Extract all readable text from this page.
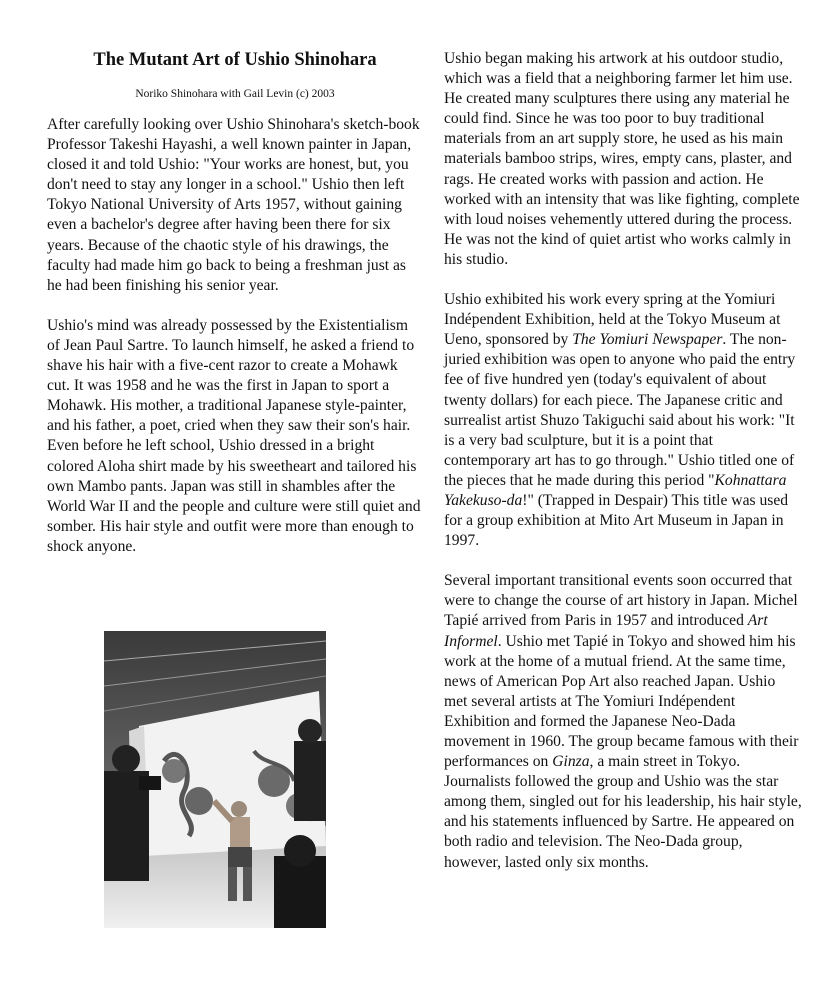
The Mutant Art of Ushio Shinohara
Noriko Shinohara with Gail Levin (c) 2003

After carefully looking over Ushio Shinohara's sketch-book Professor Takeshi Hayashi, a well known painter in Japan, closed it and told Ushio: "Your works are honest, but, you don't need to stay any longer in a school." Ushio then left Tokyo National University of Arts 1957, without gaining even a bachelor's degree after having been there for six years. Because of the chaotic style of his drawings, the faculty had made him go back to being a freshman just as he had been finishing his senior year.

Ushio's mind was already possessed by the Existentialism of Jean Paul Sartre. To launch himself, he asked a friend to shave his hair with a five-cent razor to create a Mohawk cut. It was 1958 and he was the first in Japan to sport a Mohawk. His mother, a traditional Japanese style-painter, and his father, a poet, cried when they saw their son's hair. Even before he left school, Ushio dressed in a bright colored Aloha shirt made by his sweetheart and tailored his own Mambo pants. Japan was still in shambles after the World War II and the people and culture were still quiet and somber. His hair style and outfit were more than enough to shock anyone.

Ushio began making his artwork at his outdoor studio, which was a field that a neighboring farmer let him use. He created many sculptures there using any material he could find. Since he was too poor to buy traditional materials from an art supply store, he used as his main materials bamboo strips, wires, empty cans, plaster, and rags. He created works with passion and action. He worked with an intensity that was like fighting, complete with loud noises vehemently uttered during the process. He was not the kind of quiet artist who works calmly in his studio.

Ushio exhibited his work every spring at the Yomiuri Indépendent Exhibition, held at the Tokyo Museum at Ueno, sponsored by The Yomiuri Newspaper. The non-juried exhibition was open to anyone who paid the entry fee of five hundred yen (today's equivalent of about twenty dollars) for each piece. The Japanese critic and surrealist artist Shuzo Takiguchi said about his work: "It is a very bad sculpture, but it is a point that contemporary art has to go through." Ushio titled one of the pieces that he made during this period "Kohnattara Yakekuso-da!" (Trapped in Despair) This title was used for a group exhibition at Mito Art Museum in Japan in 1997.

Several important transitional events soon occurred that were to change the course of art history in Japan. Michel Tapié arrived from Paris in 1957 and introduced Art Informel. Ushio met Tapié in Tokyo and showed him his work at the home of a mutual friend. At the same time, news of American Pop Art also reached Japan. Ushio met several artists at The Yomiuri Indépendent Exhibition and formed the Japanese Neo-Dada movement in 1960. The group became famous with their performances on Ginza, a main street in Tokyo. Journalists followed the group and Ushio was the star among them, singled out for his leadership, his hair style, and his statements influenced by Sartre. He appeared on both radio and television. The Neo-Dada group, however, lasted only six months.
